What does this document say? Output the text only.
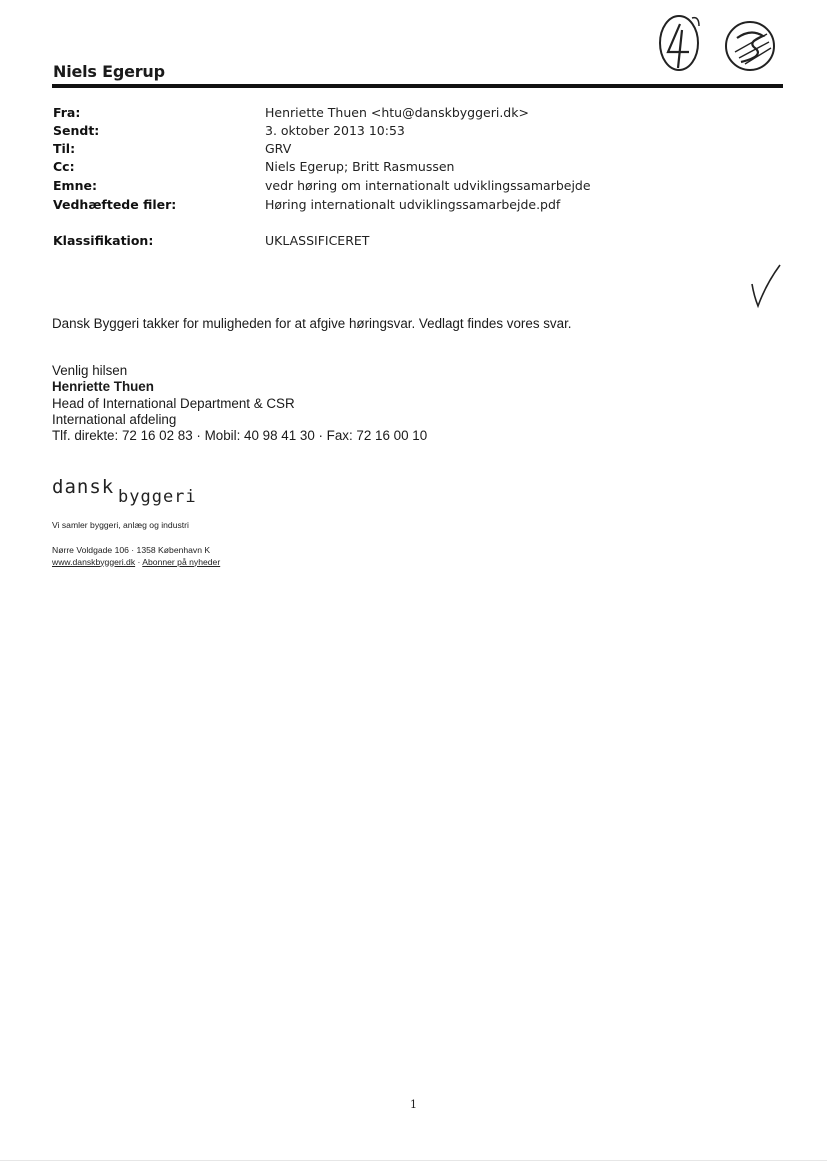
Niels Egerup
Fra:	Henriette Thuen <htu@danskbyggeri.dk>
Sendt:	3. oktober 2013 10:53
Til:	GRV
Cc:	Niels Egerup; Britt Rasmussen
Emne:	vedr høring om internationalt udviklingssamarbejde
Vedhæftede filer:	Høring internationalt udviklingssamarbejde.pdf
Klassifikation:	UKLASSIFICERET
Dansk Byggeri takker for muligheden for at afgive høringsvar. Vedlagt findes vores svar.
Venlig hilsen
Henriette Thuen
Head of International Department & CSR
International afdeling
Tlf. direkte: 72 16 02 83 · Mobil: 40 98 41 30 · Fax: 72 16 00 10
dansk byggeri
Vi samler byggeri, anlæg og industri
Nørre Voldgade 106 · 1358 København K
www.danskbyggeri.dk · Abonner på nyheder
1
